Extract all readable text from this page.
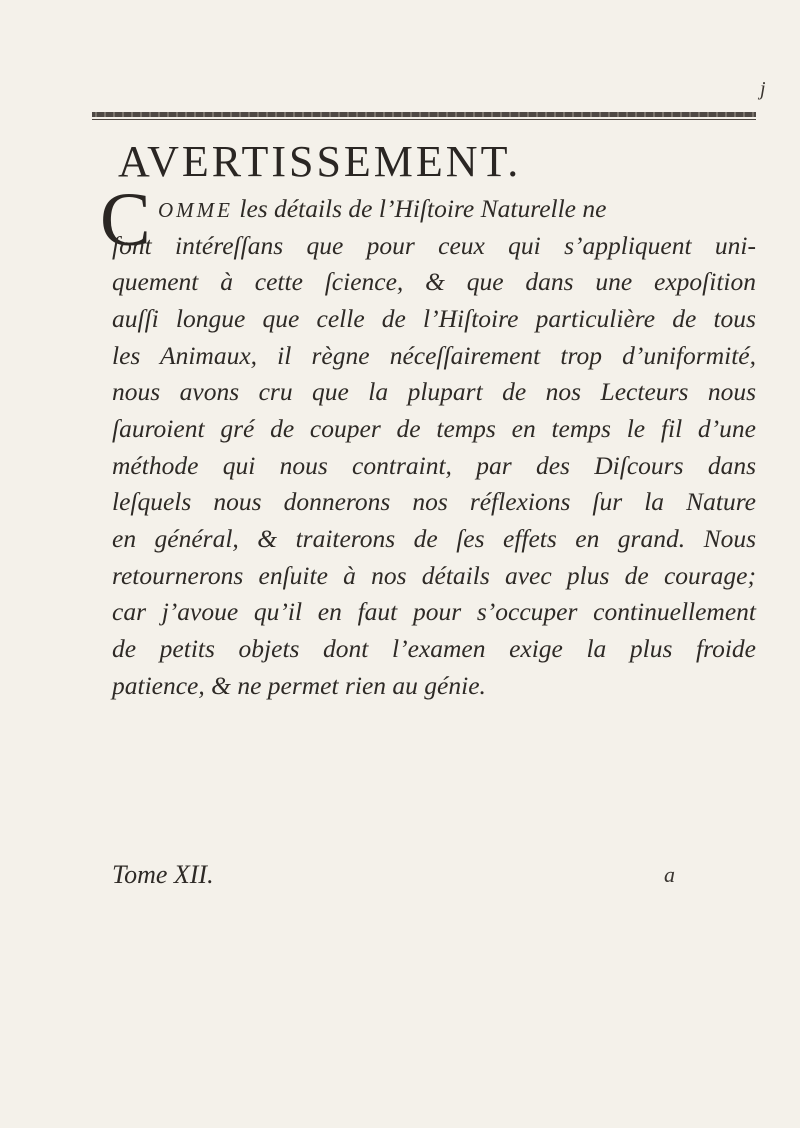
j
AVERTISSEMENT.
C OMME les détails de l’Hiſtoire Naturelle ne
ſont intéreſſans que pour ceux qui s’appliquent uni-
quement à cette ſcience, & que dans une expoſition
auſſi longue que celle de l’Hiſtoire particulière de tous
les Animaux, il règne néceſſairement trop d’uniformité,
nous avons cru que la plupart de nos Lecteurs nous
ſauroient gré de couper de temps en temps le fil d’une
méthode qui nous contraint, par des Diſcours dans
leſquels nous donnerons nos réflexions ſur la Nature
en général, & traiterons de ſes effets en grand. Nous
retournerons enſuite à nos détails avec plus de courage;
car j’avoue qu’il en faut pour s’occuper continuellement
de petits objets dont l’examen exige la plus froide
patience, & ne permet rien au génie.
Tome XII.	a
